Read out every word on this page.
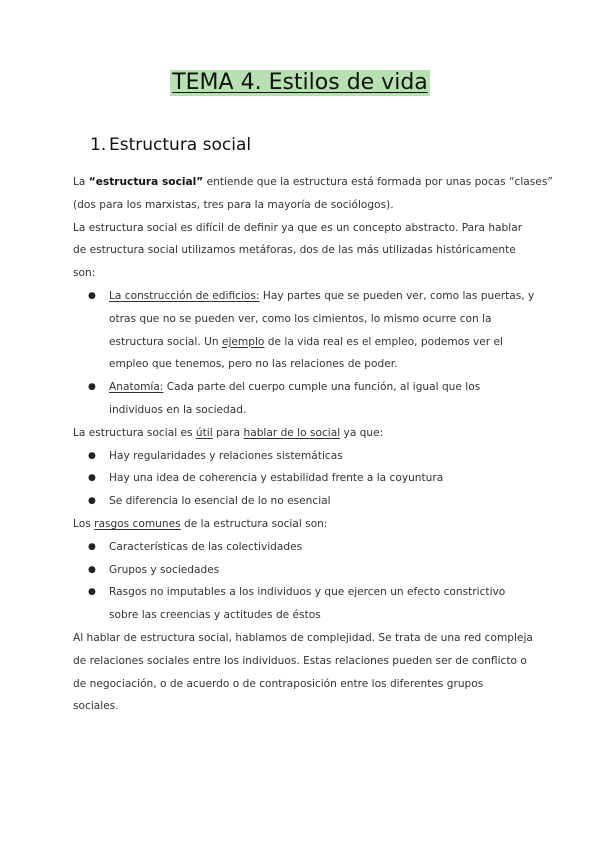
TEMA 4. Estilos de vida
1. Estructura social
La “estructura social” entiende que la estructura está formada por unas pocas “clases”
(dos para los marxistas, tres para la mayoría de sociólogos).
La estructura social es difícil de definir ya que es un concepto abstracto. Para hablar
de estructura social utilizamos metáforas, dos de las más utilizadas históricamente
son:
● La construcción de edificios: Hay partes que se pueden ver, como las puertas, y
otras que no se pueden ver, como los cimientos, lo mismo ocurre con la
estructura social. Un ejemplo de la vida real es el empleo, podemos ver el
empleo que tenemos, pero no las relaciones de poder.
● Anatomía: Cada parte del cuerpo cumple una función, al igual que los
individuos en la sociedad.
La estructura social es útil para hablar de lo social ya que:
● Hay regularidades y relaciones sistemáticas
● Hay una idea de coherencia y estabilidad frente a la coyuntura
● Se diferencia lo esencial de lo no esencial
Los rasgos comunes de la estructura social son:
● Características de las colectividades
● Grupos y sociedades
● Rasgos no imputables a los individuos y que ejercen un efecto constrictivo
sobre las creencias y actitudes de éstos
Al hablar de estructura social, hablamos de complejidad. Se trata de una red compleja
de relaciones sociales entre los individuos. Estas relaciones pueden ser de conflicto o
de negociación, o de acuerdo o de contraposición entre los diferentes grupos
sociales.
